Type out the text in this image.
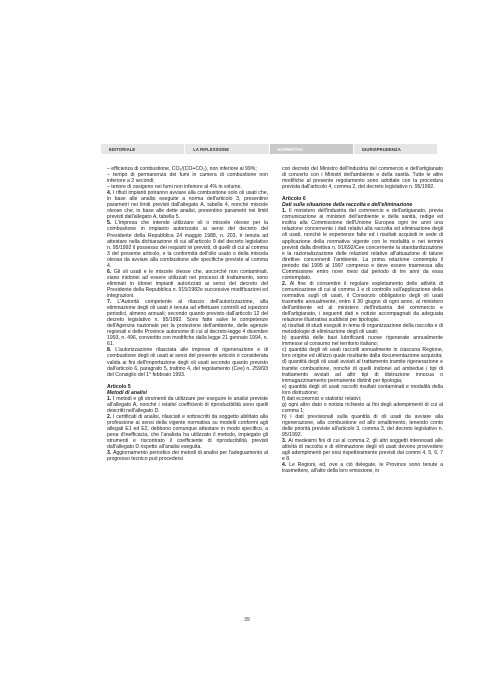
EDITORIALE	LA RIFLESSIONE	NORMATIVA	GIURISPRUDENZA

– efficienza di combustione, CO₂/(CO+CO₂), non inferiore al 99%;

– tempo di permanenza dei fumi in camera di combustione non inferiore a 2 secondi;

– tenore di ossigeno nei fumi non inferiore al 4% in volume.

4. I rifiuti impianti potranno avviare alla combustione solo oli usati che, in base alle analisi eseguite a norma dell'articolo 3, presentino parametri nei limiti previsti dall'allegato A, tabella 4, nonché miscele oleose che, in base alle dette analisi, presentino parametri nei limiti previsti dall'allegato A, tabella 5.

5. L'impresa che intende utilizzare oli o miscele oleose per la combustione in impianto autorizzato ai sensi del decreto del Presidente della Repubblica 24 maggio 1988, n. 203, è tenuta ad attestare nella dichiarazione di cui all'articolo 9 del decreto legislativo n. 95/1992 il possesso dei requisiti ivi previsti, di quelli di cui al comma 3 del presente articolo, e la conformità dell'olio usato o della miscela oleosa da avviare alla combustione alle specifiche previste al comma 4.

6. Gli oli usati e le miscele oleose che, ancorché non contaminati, siano inidonei ad essere utilizzati nei processi di trattamento, sono eliminati in idonei impianti autorizzati ai sensi del decreto del Presidente della Repubblica n. 915/1982e successive modificazioni ed integrazioni.

7. L'Autorità competente al rilascio dell'autorizzazione, alla eliminazione degli oli usati è tenuta ad effettuare controlli ed ispezioni periodici, almeno annuali; secondo quanto previsto dall'articolo 12 del decreto legislativo n. 95/1992. Sono fatte salve le competenze dell'Agenzia nazionale per la protezione dell'ambiente, delle agenzie regionali e delle Province autonome di cui al decreto-legge 4 dicembre 1993, n. 496, convertito con modifiche dalla legge 21 gennaio 1994, n. 61.

8. L'autorizzazione rilasciata alle imprese di rigenerazione e di combustione degli oli usati ai sensi del presente articolo è considerata valida ai fini dell'importazione degli oli usati secondo quanto previsto dall'articolo 6, paragrafo 5, trattino 4, del regolamento (Cee) n. 259/93 del Consiglio del 1° febbraio 1993.

Articolo 5

Metodi di analisi

1. I metodi e gli strumenti da utilizzare per eseguire le analisi previste all'allegato A, nonché i relativi coefficienti di riproducibilità sono quelli descritti nell'allegato D.

2. I certificati di analisi, rilasciati e sottoscritti da soggetto abilitato alla professione ai sensi della vigente normativa su modelli conformi agli allegati E1 ed E2, debbono comunque attestare in modo specifico, a pena d'inefficacia, che l'analista ha utilizzato il metodo, impiegato gli strumenti e riscontrato il coefficiente di riproducibilità previsti dall'allegato D rispetto all'analisi eseguita.

3. Aggiornamento periodico dei metodi di analisi per l'adeguamento al progresso tecnico può procedersi

con decreto del Ministro dell'industria del commercio e dell'artigianato di concerto con i Ministri dell'ambiente e della sanità. Tutte le altre modifiche al presente regolamento sono adottate con la procedura prevista dall'articolo 4, comma 2, del decreto legislativo n. 95/1992.

Articolo 6

Dati sulla situazione della raccolta e dell'eliminazione

1. Il ministero dell'industria del commercio e dell'artigianato, previa comunicazione ai ministeri dell'ambiente e della sanità, redige ed inoltra alla Commissione dell'Unione Europea ogni tre anni una relazione concernente i dati relativi alla raccolta ed eliminazione degli oli usati, nonché le esperienze fatte ed i risultati acquisiti in sede di applicazione della normativa vigente con le modalità e nei termini previsti dalla direttiva n. 91/692/Cee concernente la standardizzazione e la razionalizzazione delle relazioni relative all'attuazione di talune direttive concernenti l'ambiente. La prima relazione contempla il periodo dal 1995 al 1997 compreso e deve essere trasmessa alla Commissione entro nove mesi dal periodo di tre anni da essa contemplato.

2. Al fine di consentire il regolare espletamento delle attività di comunicazione di cui al comma 1 e di controllo sull'applicazione della normativa sugli oli usati, il Consorzio obbligatorio degli oli usati trasmette annualmente, entro il 30 giugno di ogni anno, al ministero dell'ambiente ed al ministero dell'industria del commercio e dell'artigianato, i seguenti dati e notizie accompagnati da adeguata relazione illustrativa suddivisi per tipologia:

a) risultati di studi eseguiti in tema di organizzazione della raccolta e di metodologie di eliminazione degli oli usati;

b) quantità delle basi lubrificanti nuove rigenerate annualmente immesse al consumo nel territorio italiano;

c) quantità degli oli usati raccolti annualmente in ciascuna Regione, loro origine ed utilizzo quale risultante dalla documentazione acquisita;

d) quantità degli oli usati avviati al trattamento tramite rigenerazione e tramite combustione, nonché di quelli inidonei ad ambedue i tipi di trattamento avviati ad altri tipi di distruzione innocua o immagazzinamento permanente distinti per tipologia;

e) quantità degli oli usati raccolti risultati contaminati e modalità della loro distruzione;

f) dati economici e statistici relativi;

g) ogni altro dato o notizia richiesto ai fini degli adempimenti di cui al comma 1;

h) i dati previsionali sulla quantità di oli usati da avviare alla rigenerazione, alla combustione ed allo smaltimento, tenendo conto delle priorità previste all'articolo 3, comma 3, del decreto legislativo n. 95/1992.

3. Ai medesimi fini di cui al comma 2, gli altri soggetti interessati alle attività di raccolta e di eliminazione degli oli usati devono provvedere agli adempimenti per essi rispettivamente previsti dai commi 4, 5, 6, 7 e 8.

4. Le Regioni, ed, ove a ciò delegate, le Province sono tenute a trasmettere, all'atto della loro emissione, in

39
